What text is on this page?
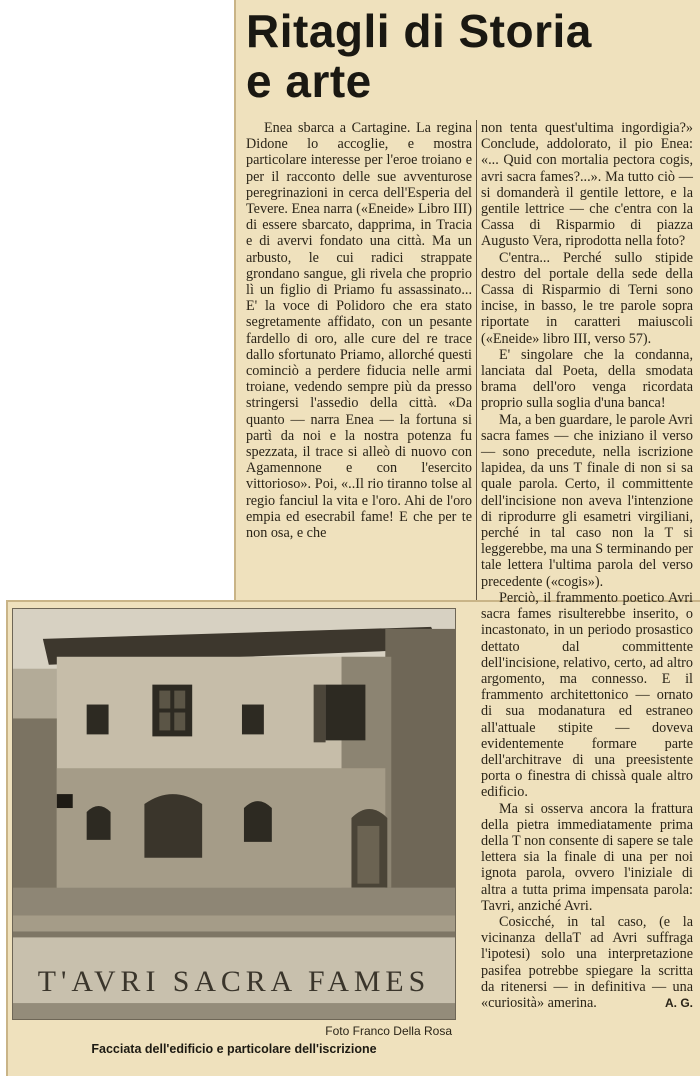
Ritagli di Storia
e arte

Enea sbarca a Cartagine. La regina Didone lo accoglie, e mostra particolare interesse per l'eroe troiano e per il racconto delle sue avventurose peregrinazioni in cerca dell'Esperia del Tevere. Enea narra («Eneide» Libro III) di essere sbarcato, dapprima, in Tracia e di avervi fondato una città. Ma un arbusto, le cui radici strappate grondano sangue, gli rivela che proprio lì un figlio di Priamo fu assassinato... E' la voce di Polidoro che era stato segretamente affidato, con un pesante fardello di oro, alle cure del re trace dallo sfortunato Priamo, allorché questi cominciò a perdere fiducia nelle armi troiane, vedendo sempre più da presso stringersi l'assedio della città. «Da quanto — narra Enea — la fortuna si partì da noi e la nostra potenza fu spezzata, il trace si alleò di nuovo con Agamennone e con l'esercito vittorioso». Poi, «..Il rio tiranno tolse al regio fanciul la vita e l'oro. Ahi de l'oro empia ed esecrabil fame! E che per te non osa, e che

non tenta quest'ultima ingordigia?» Conclude, addolorato, il pio Enea: «... Quid con mortalia pectora cogis, avri sacra fames?...». Ma tutto ciò — si domanderà il gentile lettore, e la gentile lettrice — che c'entra con la Cassa di Risparmio di piazza Augusto Vera, riprodotta nella foto?

C'entra... Perché sullo stipide destro del portale della sede della Cassa di Risparmio di Terni sono incise, in basso, le tre parole sopra riportate in caratteri maiuscoli («Eneide» libro III, verso 57).

E' singolare che la condanna, lanciata dal Poeta, della smodata brama dell'oro venga ricordata proprio sulla soglia d'una banca!

Ma, a ben guardare, le parole Avri sacra fames — che iniziano il verso — sono precedute, nella iscrizione lapidea, da uns T finale di non si sa quale parola. Certo, il committente dell'incisione non aveva l'intenzione di riprodurre gli esametri virgiliani, perché in tal caso non la T si leggerebbe, ma una S terminando per tale lettera l'ultima parola del verso precedente («cogis»).

Perciò, il frammento poetico Avri sacra fames risulterebbe inserito, o incastonato, in un periodo prosastico dettato dal committente dell'incisione, relativo, certo, ad altro argomento, ma connesso. E il frammento architettonico — ornato di sua modanatura ed estraneo all'attuale stipite — doveva evidentemente formare parte dell'architrave di una preesistente porta o finestra di chissà quale altro edificio.

Ma si osserva ancora la frattura della pietra immediatamente prima della T non consente di sapere se tale lettera sia la finale di una per noi ignota parola, ovvero l'iniziale di altra a tutta prima impensata parola: Tavri, anziché Avri.

Cosicché, in tal caso, (e la vicinanza dellaT ad Avri suffraga l'ipotesi) solo una interpretazione pasifea potrebbe spiegare la scritta da ritenersi — in definitiva — una «curiosità» amerina.	A. G.
T'AVRI SACRA FAMES
Foto Franco Della Rosa
Facciata dell'edificio e particolare dell'iscrizione
